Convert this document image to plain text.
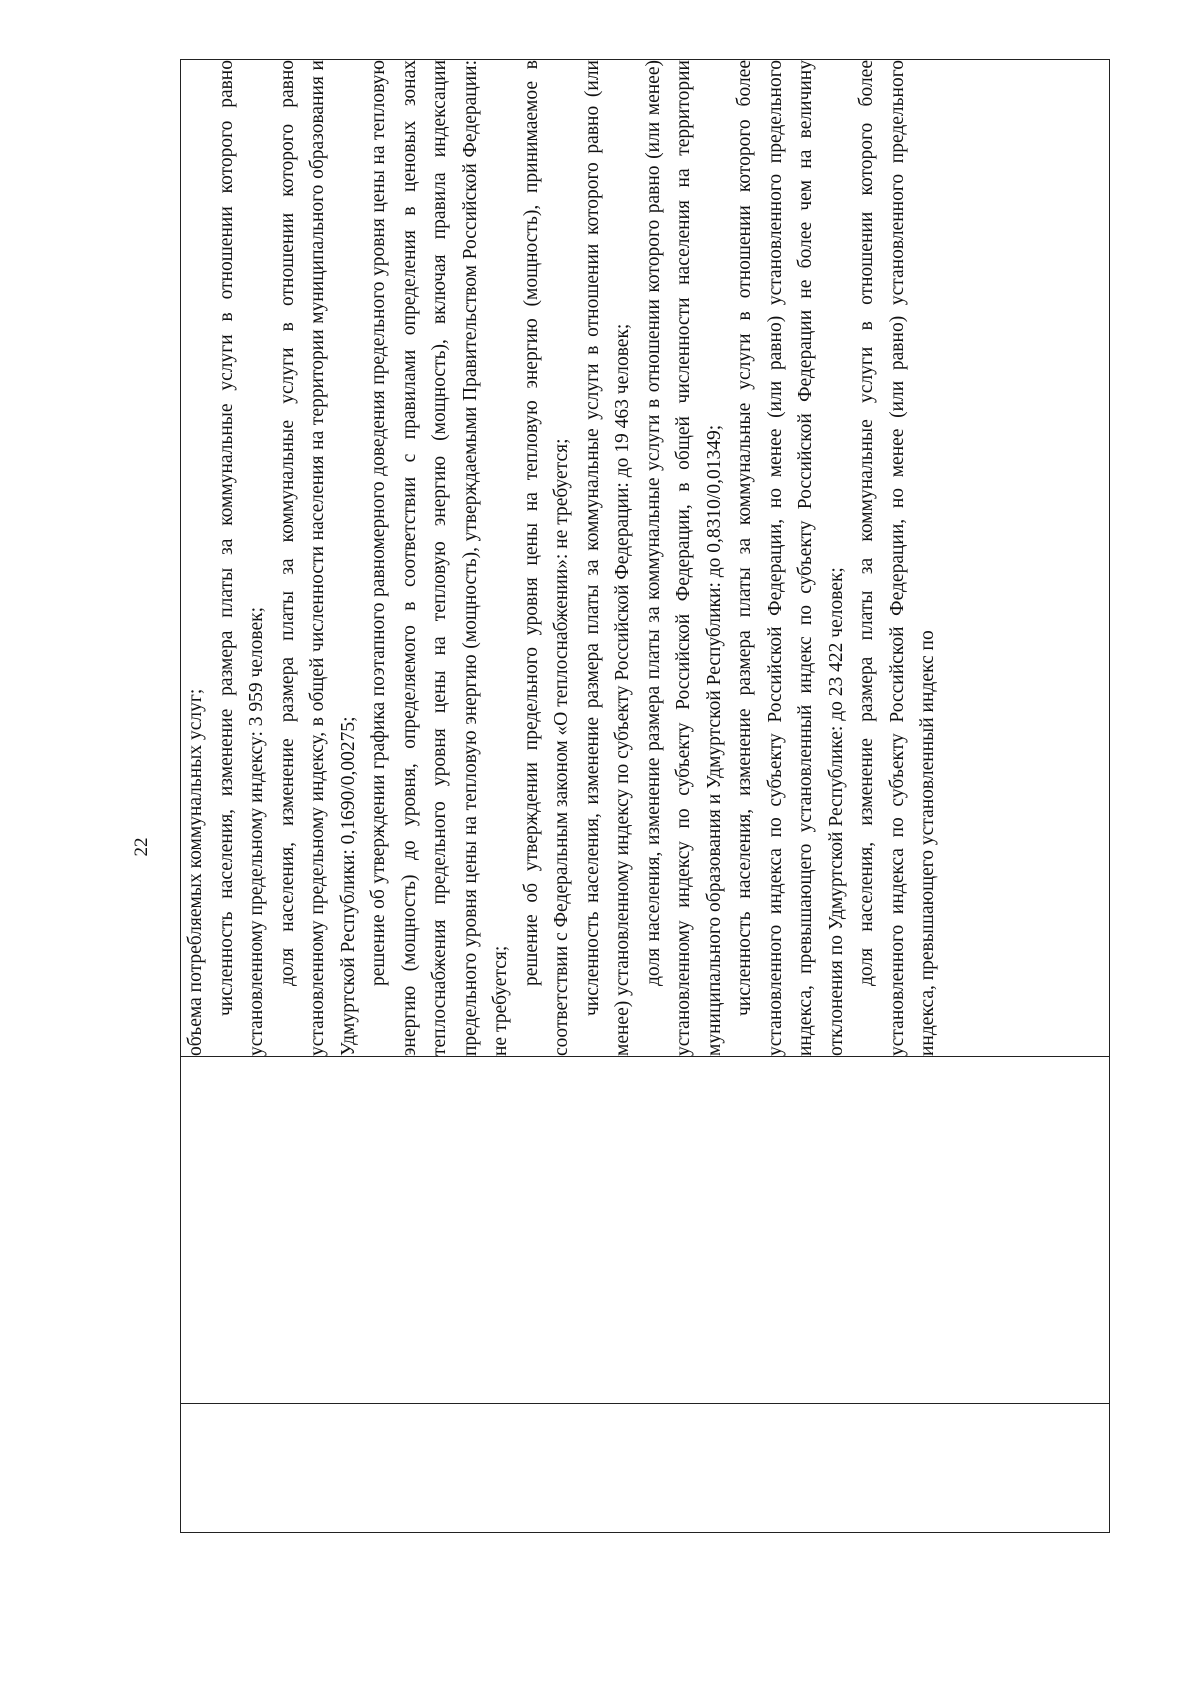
22
		объема потребляемых коммунальных услуг; численность населения, изменение размера платы за коммунальные услуги в отношении которого равно установленному предельному индексу: 3 959 человек; доля населения, изменение размера платы за коммунальные услуги в отношении которого равно установленному предельному индексу, в общей численности населения на территории муниципального образования и Удмуртской Республики: 0,1690/0,00275; решение об утверждении графика поэтапного равномерного доведения предельного уровня цены на тепловую энергию (мощность) до уровня, определяемого в соответствии с правилами определения в ценовых зонах теплоснабжения предельного уровня цены на тепловую энергию (мощность), включая правила индексации предельного уровня цены на тепловую энергию (мощность), утверждаемыми Правительством Российской Федерации: не требуется;

решение об утверждении предельного уровня цены на тепловую энергию (мощность), принимаемое в соответствии с Федеральным законом «О теплоснабжении»: не требуется; численность населения, изменение размера платы за коммунальные услуги в отношении которого равно (или менее) установленному индексу по субъекту Российской Федерации: до 19 463 человек; доля населения, изменение размера платы за коммунальные услуги в отношении которого равно (или менее) установленному индексу по субъекту Российской Федерации, в общей численности населения на территории муниципального образования и Удмуртской Республики: до 0,8310/0,01349; численность населения, изменение размера платы за коммунальные услуги в отношении которого более установленного индекса по субъекту Российской Федерации, но менее (или равно) установленного предельного индекса, превышающего установленный индекс по субъекту Российской Федерации не более чем на величину отклонения по Удмуртской Республике: до 23 422 человек; доля населения, изменение размера платы за коммунальные услуги в отношении которого более установленного индекса по субъекту Российской Федерации, но менее (или равно) установленного предельного индекса, превышающего установленный индекс по
